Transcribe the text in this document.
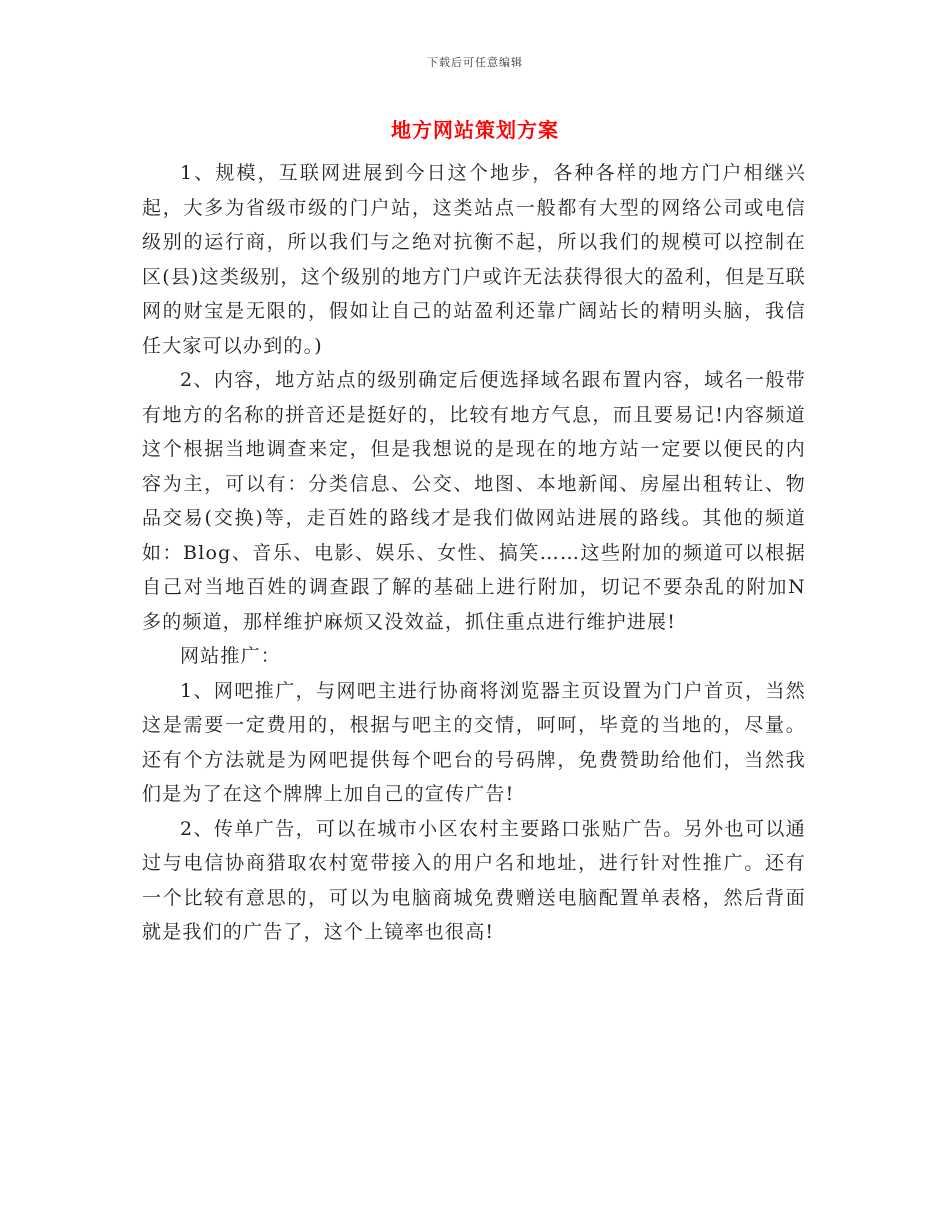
下载后可任意编辑
地方网站策划方案

1、规模，互联网进展到今日这个地步，各种各样的地方门户相继兴起，大多为省级市级的门户站，这类站点一般都有大型的网络公司或电信级别的运行商，所以我们与之绝对抗衡不起，所以我们的规模可以控制在区(县)这类级别，这个级别的地方门户或许无法获得很大的盈利，但是互联网的财宝是无限的，假如让自己的站盈利还靠广阔站长的精明头脑，我信任大家可以办到的。)

2、内容，地方站点的级别确定后便选择域名跟布置内容，域名一般带有地方的名称的拼音还是挺好的，比较有地方气息，而且要易记!内容频道这个根据当地调查来定，但是我想说的是现在的地方站一定要以便民的内容为主，可以有：分类信息、公交、地图、本地新闻、房屋出租转让、物品交易(交换)等，走百姓的路线才是我们做网站进展的路线。其他的频道如：Blog、音乐、电影、娱乐、女性、搞笑……这些附加的频道可以根据自己对当地百姓的调查跟了解的基础上进行附加，切记不要杂乱的附加N多的频道，那样维护麻烦又没效益，抓住重点进行维护进展!

网站推广：

1、网吧推广，与网吧主进行协商将浏览器主页设置为门户首页，当然这是需要一定费用的，根据与吧主的交情，呵呵，毕竟的当地的，尽量。还有个方法就是为网吧提供每个吧台的号码牌，免费赞助给他们，当然我们是为了在这个牌牌上加自己的宣传广告!

2、传单广告，可以在城市小区农村主要路口张贴广告。另外也可以通过与电信协商猎取农村宽带接入的用户名和地址，进行针对性推广。还有一个比较有意思的，可以为电脑商城免费赠送电脑配置单表格，然后背面就是我们的广告了，这个上镜率也很高!
